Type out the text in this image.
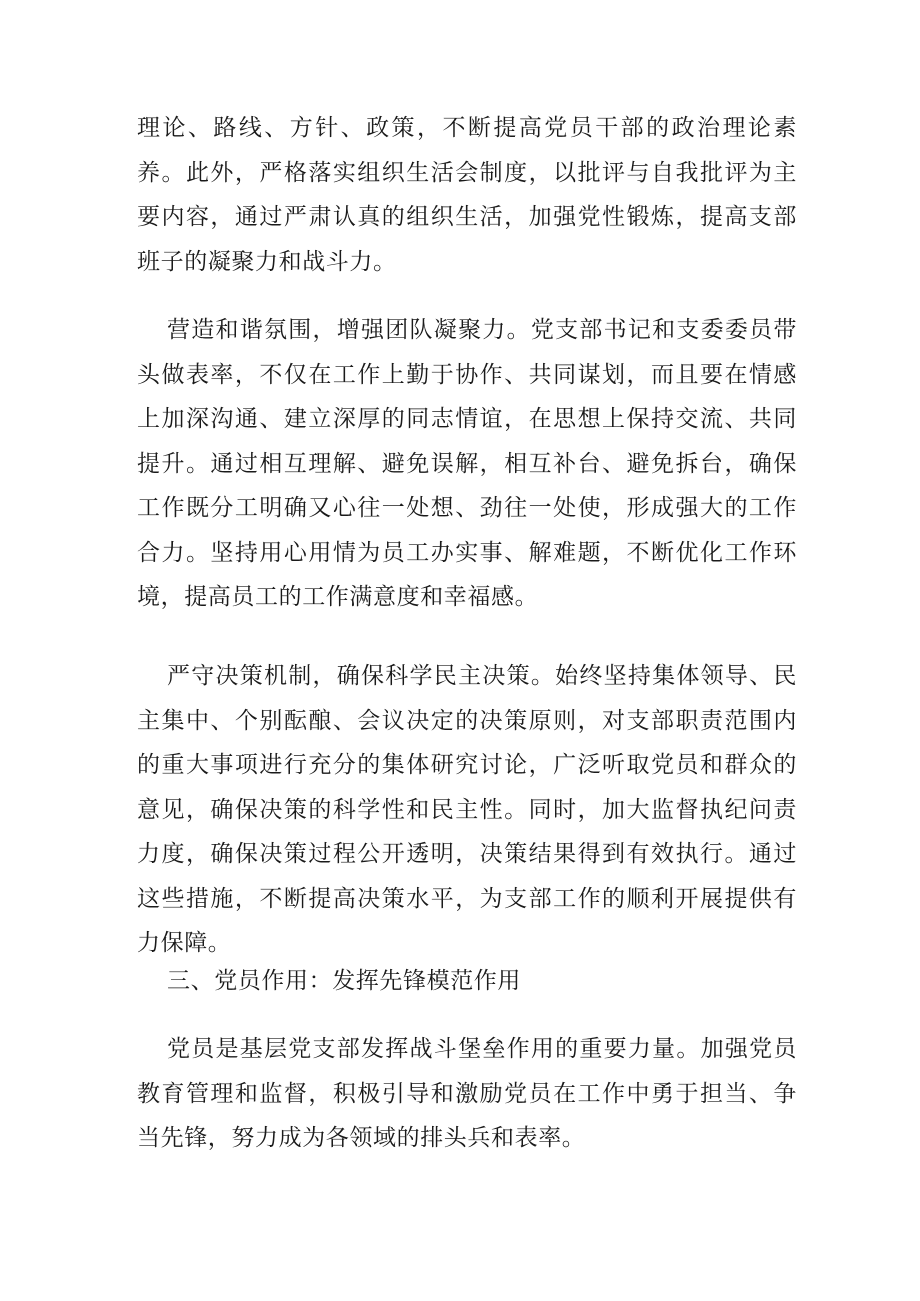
理论、路线、方针、政策，不断提高党员干部的政治理论素养。此外，严格落实组织生活会制度，以批评与自我批评为主要内容，通过严肃认真的组织生活，加强党性锻炼，提高支部班子的凝聚力和战斗力。

营造和谐氛围，增强团队凝聚力。党支部书记和支委委员带头做表率，不仅在工作上勤于协作、共同谋划，而且要在情感上加深沟通、建立深厚的同志情谊，在思想上保持交流、共同提升。通过相互理解、避免误解，相互补台、避免拆台，确保工作既分工明确又心往一处想、劲往一处使，形成强大的工作合力。坚持用心用情为员工办实事、解难题，不断优化工作环境，提高员工的工作满意度和幸福感。

严守决策机制，确保科学民主决策。始终坚持集体领导、民主集中、个别酝酿、会议决定的决策原则，对支部职责范围内的重大事项进行充分的集体研究讨论，广泛听取党员和群众的意见，确保决策的科学性和民主性。同时，加大监督执纪问责力度，确保决策过程公开透明，决策结果得到有效执行。通过这些措施，不断提高决策水平，为支部工作的顺利开展提供有力保障。

三、党员作用：发挥先锋模范作用

党员是基层党支部发挥战斗堡垒作用的重要力量。加强党员教育管理和监督，积极引导和激励党员在工作中勇于担当、争当先锋，努力成为各领域的排头兵和表率。
